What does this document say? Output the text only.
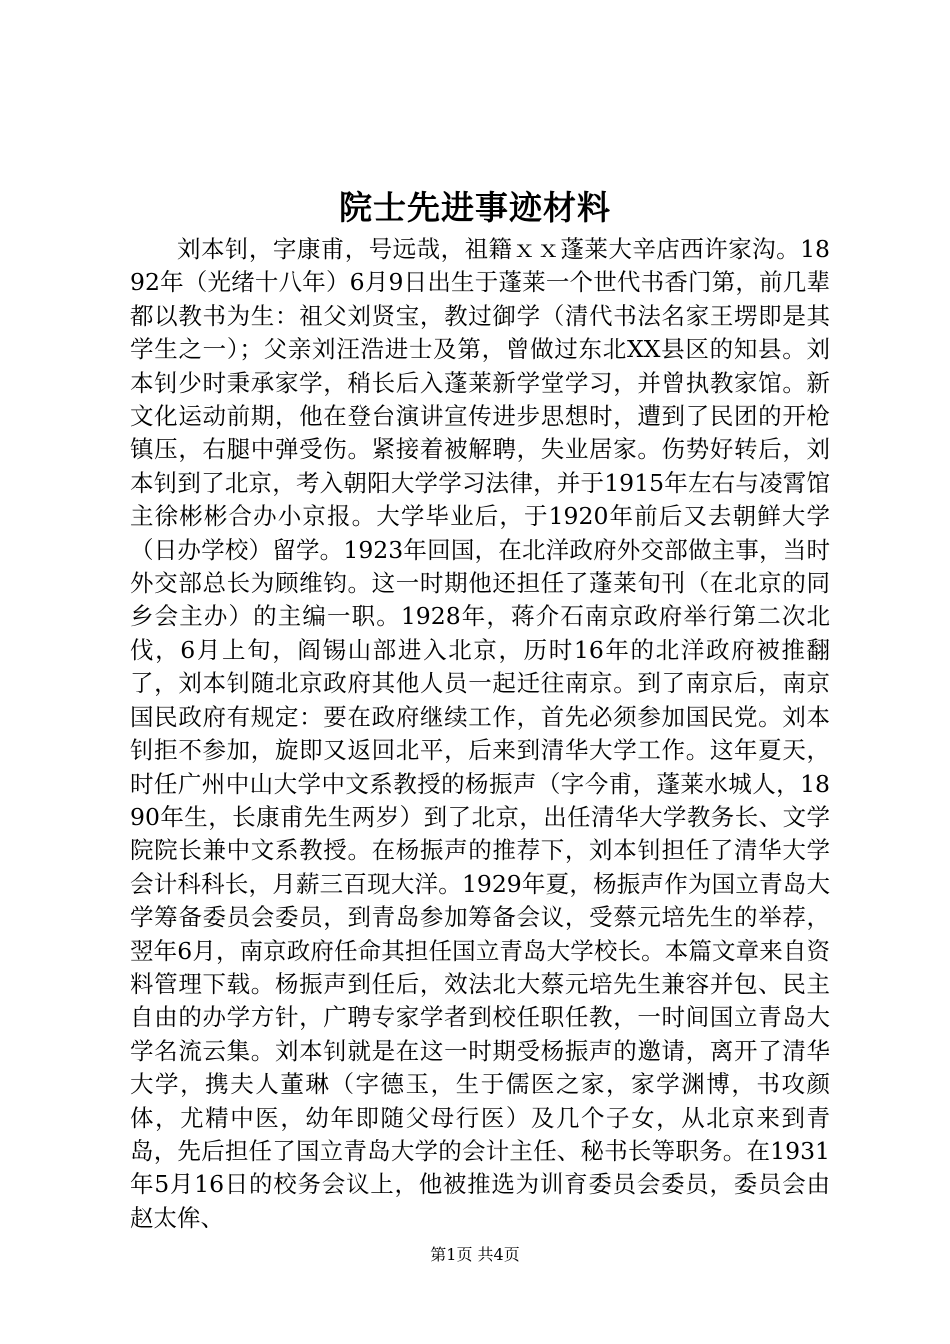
院士先进事迹材料

刘本钊，字康甫，号远哉，祖籍ｘｘ蓬莱大辛店西许家沟。1892年（光绪十八年）6月9日出生于蓬莱一个世代书香门第，前几辈都以教书为生：祖父刘贤宝，教过御学（清代书法名家王塄即是其学生之一）；父亲刘汪浩进士及第，曾做过东北XX县区的知县。刘本钊少时秉承家学，稍长后入蓬莱新学堂学习，并曾执教家馆。新文化运动前期，他在登台演讲宣传进步思想时，遭到了民团的开枪镇压，右腿中弹受伤。紧接着被解聘，失业居家。伤势好转后，刘本钊到了北京，考入朝阳大学学习法律，并于1915年左右与凌霄馆主徐彬彬合办小京报。大学毕业后，于1920年前后又去朝鲜大学（日办学校）留学。1923年回国，在北洋政府外交部做主事，当时外交部总长为顾维钧。这一时期他还担任了蓬莱旬刊（在北京的同乡会主办）的主编一职。1928年，蒋介石南京政府举行第二次北伐，6月上旬，阎锡山部进入北京，历时16年的北洋政府被推翻了，刘本钊随北京政府其他人员一起迁往南京。到了南京后，南京国民政府有规定：要在政府继续工作，首先必须参加国民党。刘本钊拒不参加，旋即又返回北平，后来到清华大学工作。这年夏天，时任广州中山大学中文系教授的杨振声（字今甫，蓬莱水城人，1890年生，长康甫先生两岁）到了北京，出任清华大学教务长、文学院院长兼中文系教授。在杨振声的推荐下，刘本钊担任了清华大学会计科科长，月薪三百现大洋。1929年夏，杨振声作为国立青岛大学筹备委员会委员，到青岛参加筹备会议，受蔡元培先生的举荐，翌年6月，南京政府任命其担任国立青岛大学校长。本篇文章来自资料管理下载。杨振声到任后，效法北大蔡元培先生兼容并包、民主自由的办学方针，广聘专家学者到校任职任教，一时间国立青岛大学名流云集。刘本钊就是在这一时期受杨振声的邀请，离开了清华大学，携夫人董琳（字德玉，生于儒医之家，家学渊博，书攻颜体，尤精中医，幼年即随父母行医）及几个子女，从北京来到青岛，先后担任了国立青岛大学的会计主任、秘书长等职务。在1931年5月16日的校务会议上，他被推选为训育委员会委员，委员会由赵太侔、

第1页 共4页
